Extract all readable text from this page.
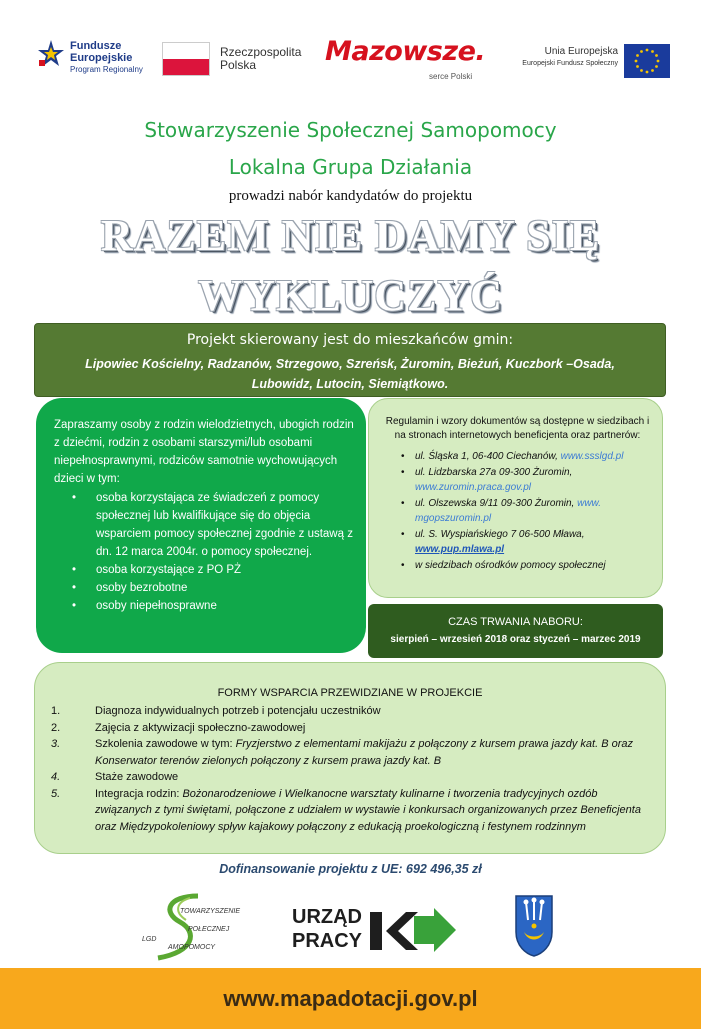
Fundusze
Europejskie
Program Regionalny
Rzeczpospolita
Polska	Mazowsze.
serce Polski
Unia Europejska
Europejski Fundusz Społeczny
Stowarzyszenie Społecznej Samopomocy
Lokalna Grupa Działania
prowadzi nabór kandydatów do projektu
RAZEM NIE DAMY SIĘ
WYKLUCZYĆ
Projekt skierowany jest do mieszkańców gmin:
Lipowiec Kościelny, Radzanów, Strzegowo, Szreńsk, Żuromin, Bieżuń, Kuczbork –Osada, Lubowidz, Lutocin, Siemiątkowo.
Zapraszamy osoby z rodzin wielodzietnych, ubogich rodzin z dziećmi, rodzin z osobami starszymi/lub osobami niepełnosprawnymi, rodziców samotnie wychowujących dzieci w tym:
• osoba korzystająca ze świadczeń z pomocy społecznej lub kwalifikujące się do objęcia wsparciem pomocy społecznej zgodnie z ustawą z dn. 12 marca 2004r. o pomocy społecznej.
• osoba korzystające z PO PŻ
• osoby bezrobotne
• osoby niepełnosprawne
Regulamin i wzory dokumentów są dostępne w siedzibach i na stronach internetowych beneficjenta oraz partnerów:
• ul. Śląska 1, 06-400 Ciechanów, www.ssslgd.pl
• ul. Lidzbarska 27a 09-300 Żuromin, www.zuromin.praca.gov.pl
• ul. Olszewska 9/11 09-300 Żuromin, www. mgopszuromin.pl
• ul. S. Wyspiańskiego 7 06-500 Mława, www.pup.mlawa.pl
• w siedzibach ośrodków pomocy społecznej
CZAS TRWANIA NABORU:
sierpień – wrzesień 2018 oraz styczeń – marzec 2019
FORMY WSPARCIA PRZEWIDZIANE W PROJEKCIE
1.	Diagnoza indywidualnych potrzeb i potencjału uczestników
2.	Zajęcia z aktywizacji społeczno-zawodowej
3.	Szkolenia zawodowe w tym: Fryzjerstwo z elementami makijażu z połączony z kursem prawa jazdy kat. B oraz Konserwator terenów zielonych połączony z kursem prawa jazdy kat. B
4.	Staże zawodowe
5.	Integracja rodzin: Bożonarodzeniowe i Wielkanocne warsztaty kulinarne i tworzenia tradycyjnych ozdób związanych z tymi świętami, połączone z udziałem w wystawie i konkursach organizowanych przez Beneficjenta oraz Międzypokoleniowy spływ kajakowy połączony z edukacją proekologiczną i festynem rodzinnym
Dofinansowanie projektu z UE: 692 496,35 zł
TOWARZYSZENIE
POŁECZNEJ
AMOPOMOCY
LGD
URZĄD
PRACY
www.mapadotacji.gov.pl
